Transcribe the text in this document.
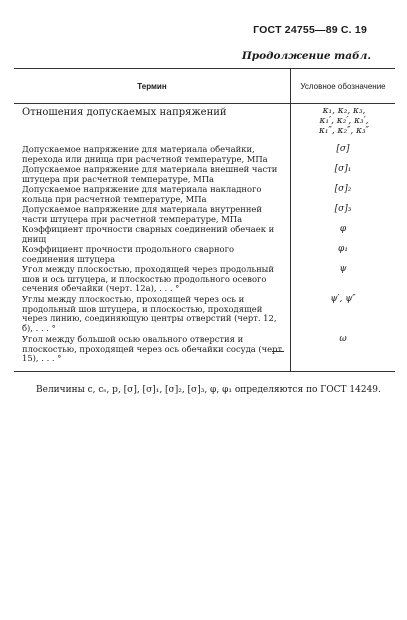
ГОСТ 24755—89 С. 19
Продолжение табл.
Термин	Условное обозначение
Отношения допускаемых напряжений	κ₁, κ₂, κ₃, κ₁′, κ₂′, κ₃′, κ₁″, κ₂″, κ₃″
Допускаемое напряжение для материала обечайки, перехода или днища при расчетной температуре, МПа
[σ]
Допускаемое напряжение для материала внешней части штуцера при расчетной температуре, МПа
[σ]₁
Допускаемое напряжение для материала накладного кольца при расчетной температуре, МПа
[σ]₂
Допускаемое напряжение для материала внутренней части штуцера при расчетной температуре, МПа
[σ]₃
Коэффициент прочности сварных соединений обечаек и днищ
φ
Коэффициент прочности продольного сварного соединения штуцера
φ₁
Угол между плоскостью, проходящей через продольный шов и ось штуцера, и плоскостью продольного осевого сечения обечайки (черт. 12а), . . . °
ψ
Углы между плоскостью, проходящей через ось и продольный шов штуцера, и плоскостью, проходящей через линию, соединяющую центры отверстий (черт. 12, б), . . . °
ψ′, ψ″
Угол между большой осью овального отверстия и плоскостью, проходящей через ось обечайки сосуда (черт. 15), . . . °
ω
Величины c, cₛ, p, [σ], [σ]₁, [σ]₂, [σ]₃, φ, φ₁ определяются по ГОСТ 14249.
